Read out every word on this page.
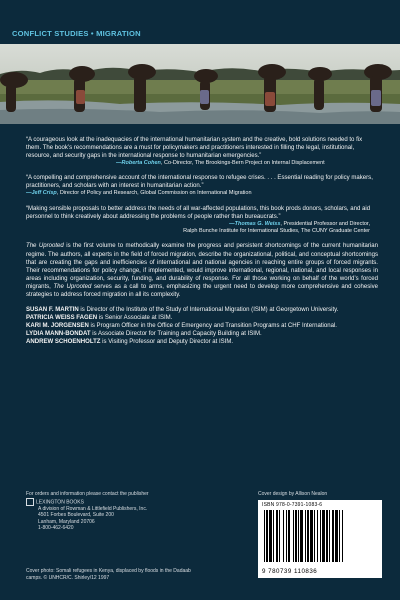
CONFLICT STUDIES • MIGRATION

“A courageous look at the inadequacies of the international humanitarian system and the creative, bold solutions needed to fix them. The book’s recommendations are a must for policymakers and practitioners interested in filling the legal, institutional, resource, and security gaps in the international response to humanitarian emergencies.”

—Roberta Cohen, Co-Director, The Brookings-Bern Project on Internal Displacement

“A compelling and comprehensive account of the international response to refugee crises. . . . Essential reading for policy makers, practitioners, and scholars with an interest in humanitarian action.”

—Jeff Crisp, Director of Policy and Research, Global Commission on International Migration

“Making sensible proposals to better address the needs of all war-affected populations, this book prods donors, scholars, and aid personnel to think creatively about addressing the problems of people rather than bureaucrats.”

—Thomas G. Weiss, Presidential Professor and Director,

Ralph Bunche Institute for International Studies, The CUNY Graduate Center

The Uprooted is the first volume to methodically examine the progress and persistent shortcomings of the current humanitarian regime. The authors, all experts in the field of forced migration, describe the organizational, political, and conceptual shortcomings that are creating the gaps and inefficiencies of international and national agencies in reaching entire groups of forced migrants. Their recommendations for policy change, if implemented, would improve international, regional, national, and local responses in areas including organization, security, funding, and durability of response. For all those working on behalf of the world’s forced migrants, The Uprooted serves as a call to arms, emphasizing the urgent need to develop more comprehensive and cohesive strategies to address forced migration in all its complexity.

SUSAN F. MARTIN is Director of the Institute of the Study of International Migration (ISIM) at Georgetown University.

PATRICIA WEISS FAGEN is Senior Associate at ISIM.

KARI M. JORGENSEN is Program Officer in the Office of Emergency and Transition Programs at CHF International.

LYDIA MANN-BONDAT is Associate Director for Training and Capacity Building at ISIM.

ANDREW SCHOENHOLTZ is Visiting Professor and Deputy Director at ISIM.

For orders and information please contact the publisher

LEXINGTON BOOKS

A division of Rowman & Littlefield Publishers, Inc.

4501 Forbes Boulevard, Suite 200

Lanham, Maryland 20706

1-800-462-6420

Cover photo: Somali refugees in Kenya, displaced by floods in the Dadaab camps. © UNHCR/C. Shirley/12 1997
Cover design by Allison Nealon
ISBN 978-0-7391-1083-6
9 780739 110836
